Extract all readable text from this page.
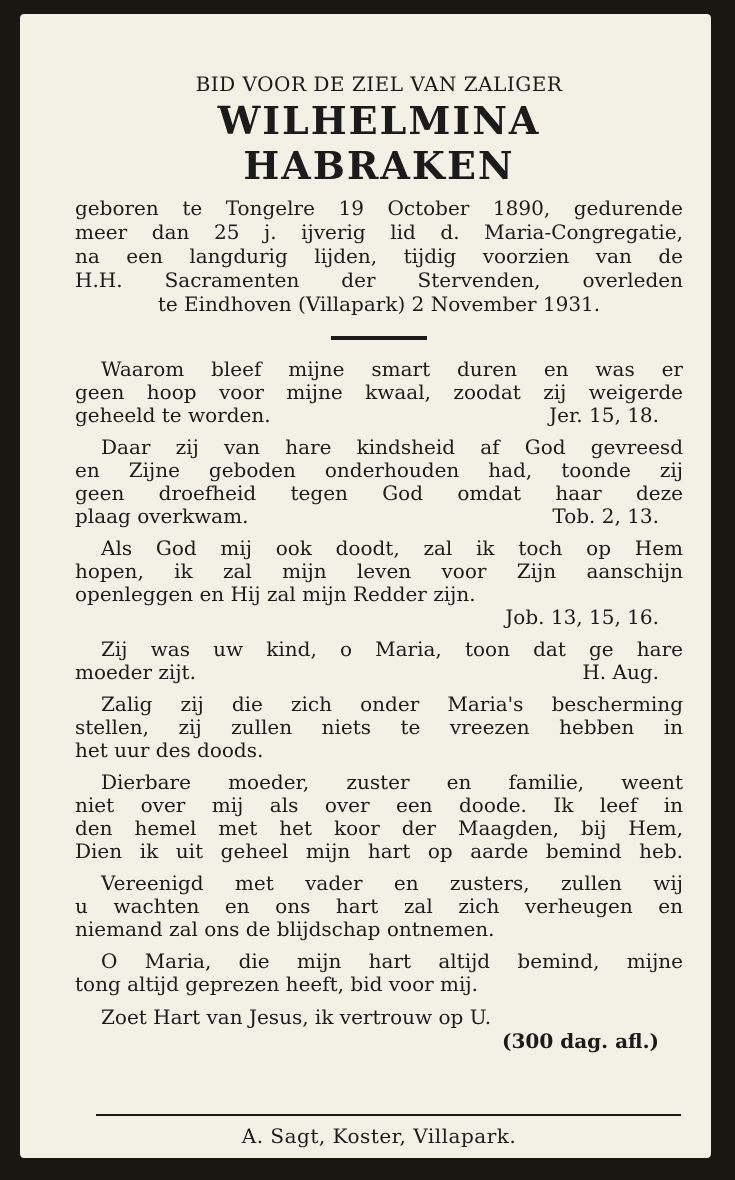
BID VOOR DE ZIEL VAN ZALIGER

WILHELMINA HABRAKEN

geboren te Tongelre 19 October 1890, gedurende
meer dan 25 j. ijverig lid d. Maria-Congregatie,
na een langdurig lijden, tijdig voorzien van de
H.H. Sacramenten der Stervenden, overleden
te Eindhoven (Villapark) 2 November 1931.

Waarom bleef mijne smart duren en was er
geen hoop voor mijne kwaal, zoodat zij weigerde
geheeld te worden.	Jer. 15, 18.

Daar zij van hare kindsheid af God gevreesd
en Zijne geboden onderhouden had, toonde zij
geen droefheid tegen God omdat haar deze
plaag overkwam.	Tob. 2, 13.

Als God mij ook doodt, zal ik toch op Hem
hopen, ik zal mijn leven voor Zijn aanschijn
openleggen en Hij zal mijn Redder zijn.
Job. 13, 15, 16.

Zij was uw kind, o Maria, toon dat ge hare
moeder zijt.	H. Aug.

Zalig zij die zich onder Maria's bescherming
stellen, zij zullen niets te vreezen hebben in
het uur des doods.

Dierbare moeder, zuster en familie, weent
niet over mij als over een doode. Ik leef in
den hemel met het koor der Maagden, bij Hem,
Dien ik uit geheel mijn hart op aarde bemind heb.

Vereenigd met vader en zusters, zullen wij
u wachten en ons hart zal zich verheugen en
niemand zal ons de blijdschap ontnemen.

O Maria, die mijn hart altijd bemind, mijne
tong altijd geprezen heeft, bid voor mij.

Zoet Hart van Jesus, ik vertrouw op U.
(300 dag. afl.)

A. Sagt, Koster, Villapark.
